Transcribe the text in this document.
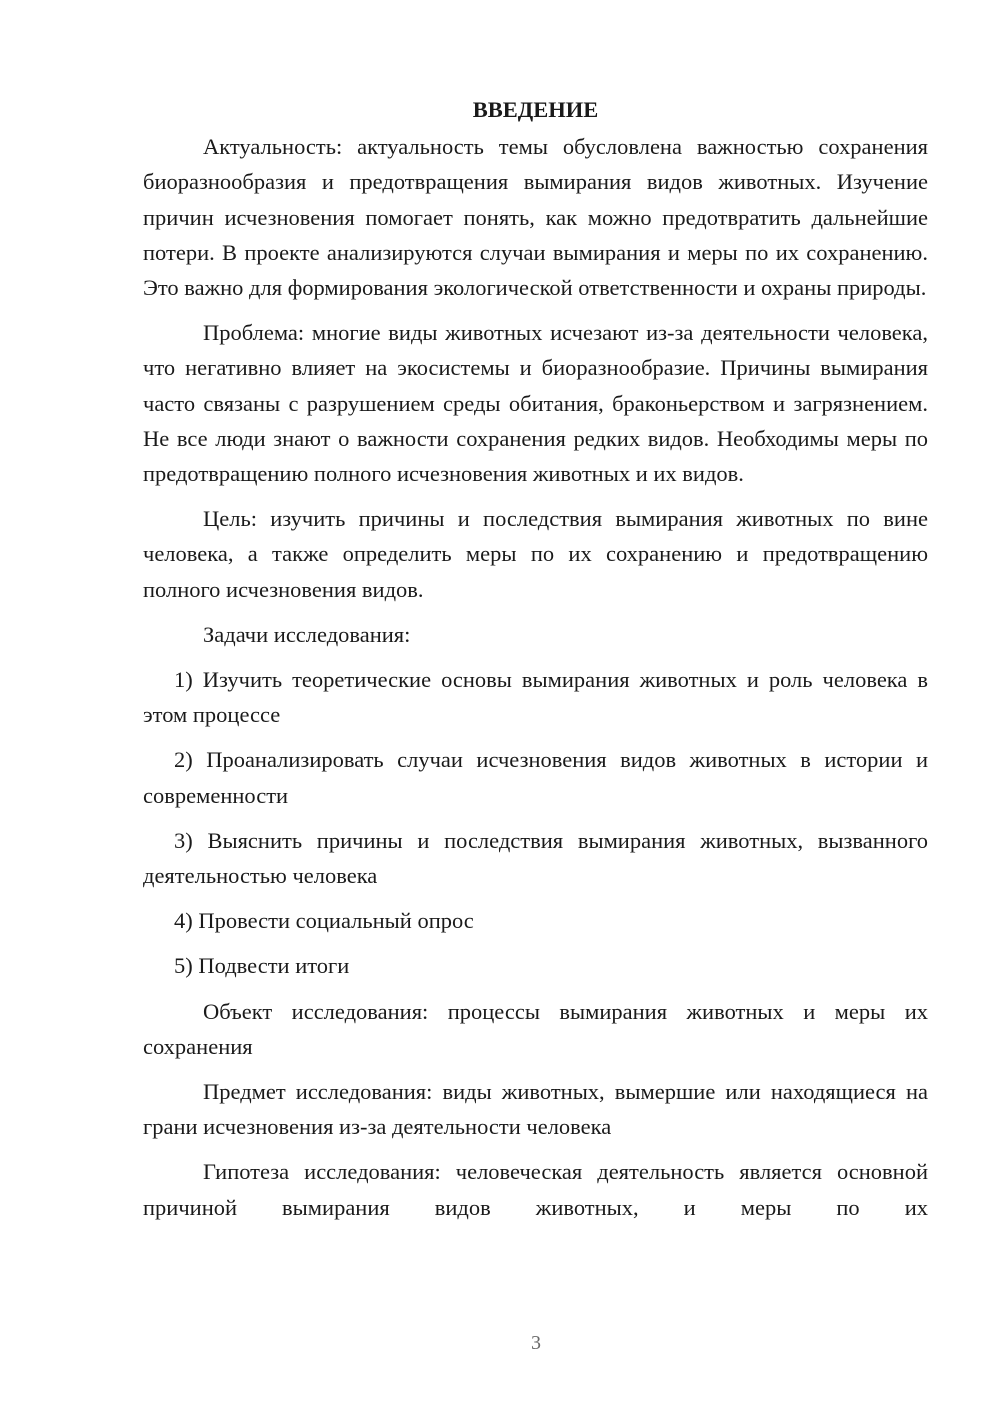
ВВЕДЕНИЕ

Актуальность: актуальность темы обусловлена важностью сохранения биоразнообразия и предотвращения вымирания видов животных. Изучение причин исчезновения помогает понять, как можно предотвратить дальнейшие потери. В проекте анализируются случаи вымирания и меры по их сохранению. Это важно для формирования экологической ответственности и охраны природы.

Проблема: многие виды животных исчезают из-за деятельности человека, что негативно влияет на экосистемы и биоразнообразие. Причины вымирания часто связаны с разрушением среды обитания, браконьерством и загрязнением. Не все люди знают о важности сохранения редких видов. Необходимы меры по предотвращению полного исчезновения животных и их видов.

Цель: изучить причины и последствия вымирания животных по вине человека, а также определить меры по их сохранению и предотвращению полного исчезновения видов.

Задачи исследования:

1) Изучить теоретические основы вымирания животных и роль человека в этом процессе

2) Проанализировать случаи исчезновения видов животных в истории и современности

3) Выяснить причины и последствия вымирания животных, вызванного деятельностью человека

4) Провести социальный опрос

5) Подвести итоги

Объект исследования: процессы вымирания животных и меры их сохранения

Предмет исследования: виды животных, вымершие или находящиеся на грани исчезновения из-за деятельности человека

Гипотеза исследования: человеческая деятельность является основной причиной вымирания видов животных, и меры по их

3
